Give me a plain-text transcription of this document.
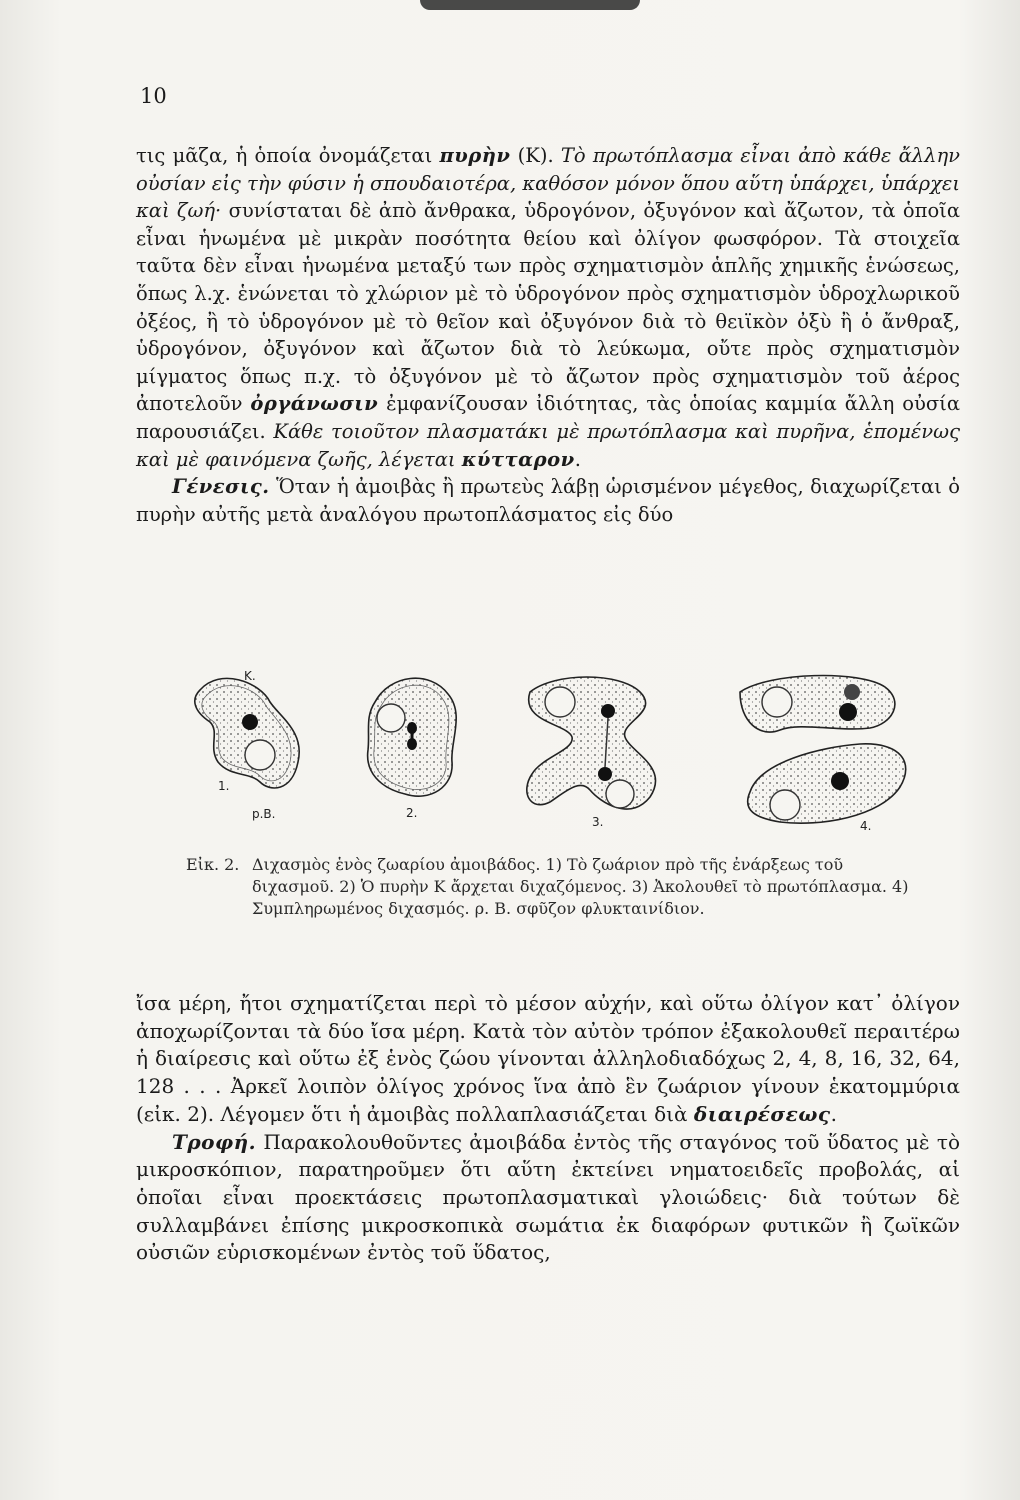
10

τις μᾶζα, ἡ ὁποία ὀνομάζεται πυρὴν (K). Τὸ πρωτόπλασμα εἶναι ἀπὸ κάθε ἄλλην οὐσίαν εἰς τὴν φύσιν ἡ σπουδαιοτέρα, καθόσον μόνον ὅπου αὕτη ὑπάρχει, ὑπάρχει καὶ ζωή· συνίσταται δὲ ἀπὸ ἄνθρακα, ὑδρογόνον, ὀξυγόνον καὶ ἄζωτον, τὰ ὁποῖα εἶναι ἡνωμένα μὲ μικρὰν ποσότητα θείου καὶ ὀλίγον φωσφόρον. Τὰ στοιχεῖα ταῦτα δὲν εἶναι ἡνωμένα μεταξύ των πρὸς σχηματισμὸν ἁπλῆς χημικῆς ἑνώσεως, ὅπως λ.χ. ἑνώνεται τὸ χλώριον μὲ τὸ ὑδρογόνον πρὸς σχηματισμὸν ὑδροχλωρικοῦ ὀξέος, ἢ τὸ ὑδρογόνον μὲ τὸ θεῖον καὶ ὀξυγόνον διὰ τὸ θειϊκὸν ὀξὺ ἢ ὁ ἄνθραξ, ὑδρογόνον, ὀξυγόνον καὶ ἄζωτον διὰ τὸ λεύκωμα, οὔτε πρὸς σχηματισμὸν μίγματος ὅπως π.χ. τὸ ὀξυγόνον μὲ τὸ ἄζωτον πρὸς σχηματισμὸν τοῦ ἀέρος ἀποτελοῦν ὀργάνωσιν ἐμφανίζουσαν ἰδιότητας, τὰς ὁποίας καμμία ἄλλη οὐσία παρουσιάζει. Κάθε τοιοῦτον πλασματάκι μὲ πρωτόπλασμα καὶ πυρῆνα, ἑπομένως καὶ μὲ φαινόμενα ζωῆς, λέγεται κύτταρον.

Γένεσις. Ὅταν ἡ ἀμοιβὰς ἢ πρωτεὺς λάβῃ ὡρισμένον μέγεθος, διαχωρίζεται ὁ πυρὴν αὐτῆς μετὰ ἀναλόγου πρωτοπλάσματος εἰς δύο

K.
1.
p.B.	2.
3.	4.
Εἰκ. 2. Διχασμὸς ἑνὸς ζωαρίου ἀμοιβάδος. 1) Τὸ ζωάριον πρὸ τῆς ἐνάρξεως τοῦ διχασμοῦ. 2) Ὁ πυρὴν K ἄρχεται διχαζόμενος. 3) Ἀκολουθεῖ τὸ πρωτόπλασμα. 4) Συμπληρωμένος διχασμός. ρ. Β. σφῦζον φλυκταινίδιον.

ἴσα μέρη, ἤτοι σχηματίζεται περὶ τὸ μέσον αὐχήν, καὶ οὕτω ὀλίγον κατ᾿ ὀλίγον ἀποχωρίζονται τὰ δύο ἴσα μέρη. Κατὰ τὸν αὐτὸν τρόπον ἐξακολουθεῖ περαιτέρω ἡ διαίρεσις καὶ οὕτω ἐξ ἑνὸς ζώου γίνονται ἀλληλοδιαδόχως 2, 4, 8, 16, 32, 64, 128 . . . Ἀρκεῖ λοιπὸν ὀλίγος χρόνος ἵνα ἀπὸ ἓν ζωάριον γίνουν ἑκατομμύρια (εἰκ. 2). Λέγομεν ὅτι ἡ ἀμοιβὰς πολλαπλασιάζεται διὰ διαιρέσεως.

Τροφή. Παρακολουθοῦντες ἀμοιβάδα ἐντὸς τῆς σταγόνος τοῦ ὕδατος μὲ τὸ μικροσκόπιον, παρατηροῦμεν ὅτι αὕτη ἐκτείνει νηματοειδεῖς προβολάς, αἱ ὁποῖαι εἶναι προεκτάσεις πρωτοπλασματικαὶ γλοιώδεις· διὰ τούτων δὲ συλλαμβάνει ἐπίσης μικροσκοπικὰ σωμάτια ἐκ διαφόρων φυτικῶν ἢ ζωϊκῶν οὐσιῶν εὑρισκομένων ἐντὸς τοῦ ὕδατος,
